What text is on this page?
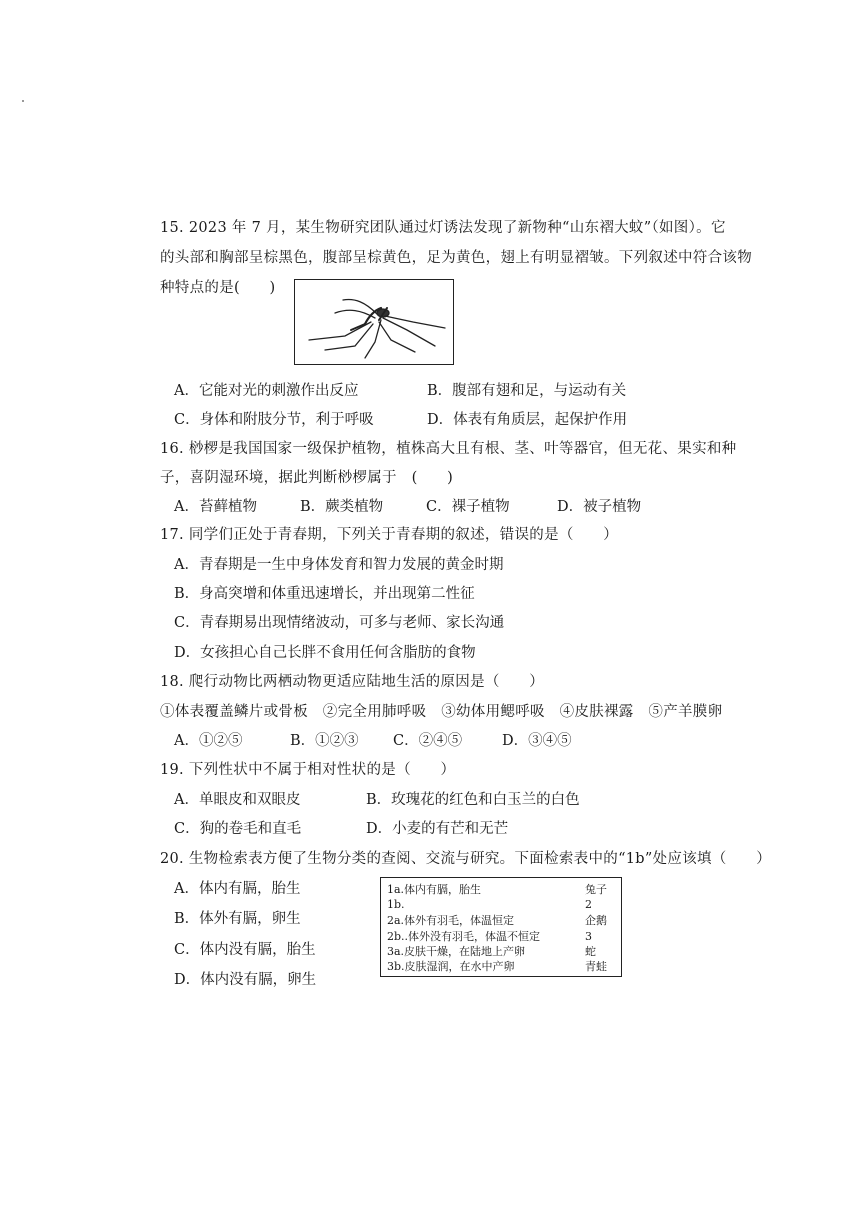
15. 2023 年 7 月，某生物研究团队通过灯诱法发现了新物种“山东褶大蚊”（如图）。它
的头部和胸部呈棕黑色，腹部呈棕黄色，足为黄色，翅上有明显褶皱。下列叙述中符合该物
种特点的是(　　)
A．它能对光的刺激作出反应	B．腹部有翅和足，与运动有关
C．身体和附肢分节，利于呼吸	D．体表有角质层，起保护作用
16. 桫椤是我国国家一级保护植物，植株高大且有根、茎、叶等器官，但无花、果实和种
子，喜阴湿环境，据此判断桫椤属于　(　　)
A．苔藓植物	B．蕨类植物	C．裸子植物	D．被子植物
17. 同学们正处于青春期，下列关于青春期的叙述，错误的是（　　）
A．青春期是一生中身体发育和智力发展的黄金时期
B．身高突增和体重迅速增长，并出现第二性征
C．青春期易出现情绪波动，可多与老师、家长沟通
D．女孩担心自己长胖不食用任何含脂肪的食物
18. 爬行动物比两栖动物更适应陆地生活的原因是（　　）
①体表覆盖鳞片或骨板　②完全用肺呼吸　③幼体用鳃呼吸　④皮肤裸露　⑤产羊膜卵
A．①②⑤	B．①②③ C．②④⑤	D．③④⑤
19. 下列性状中不属于相对性状的是（　　）
A．单眼皮和双眼皮	B．玫瑰花的红色和白玉兰的白色
C．狗的卷毛和直毛	D．小麦的有芒和无芒
20. 生物检索表方便了生物分类的查阅、交流与研究。下面检索表中的“1b”处应该填（　　）
A．体内有膈，胎生
B．体外有膈，卵生
C．体内没有膈，胎生
D．体内没有膈，卵生
1a.体内有膈，胎生	兔子
1b.	2
2a.体外有羽毛，体温恒定	企鹅
2b..体外没有羽毛，体温不恒定	3
3a.皮肤干燥，在陆地上产卵	蛇
3b.皮肤湿润，在水中产卵	青蛙
